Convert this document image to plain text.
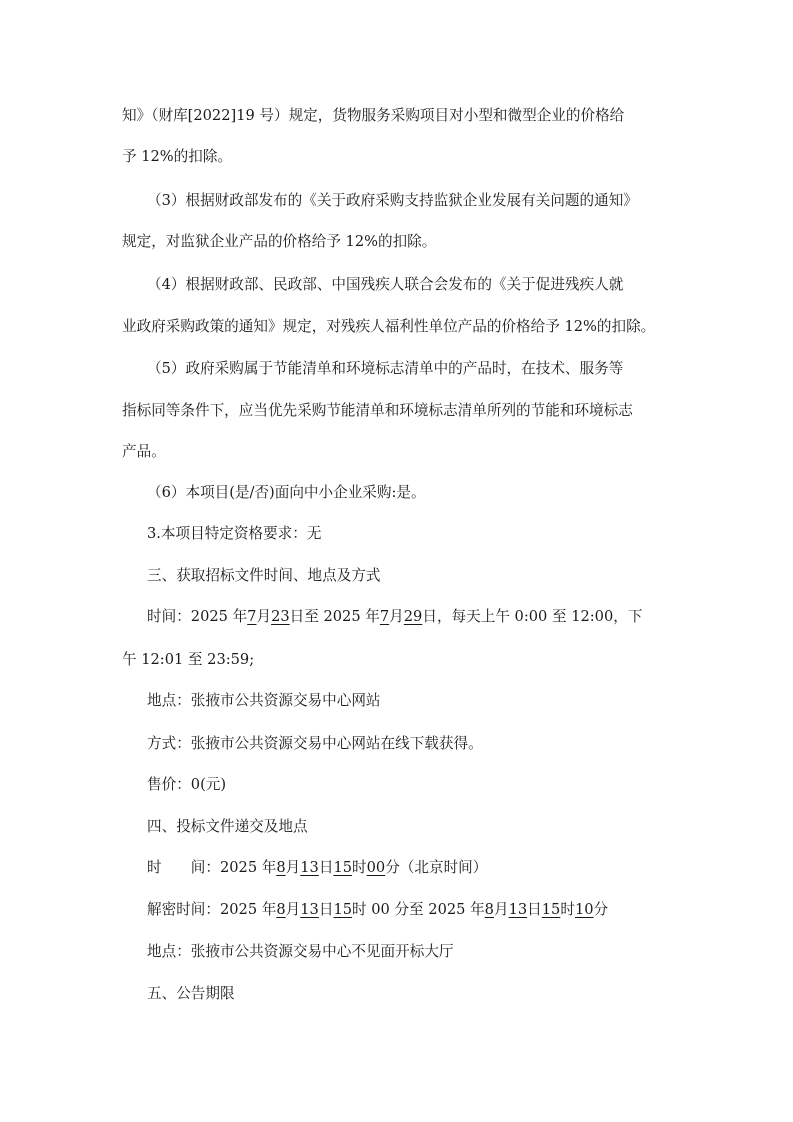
知》（财库[2022]19 号）规定，货物服务采购项目对小型和微型企业的价格给
予 12%的扣除。
（3）根据财政部发布的《关于政府采购支持监狱企业发展有关问题的通知》
规定，对监狱企业产品的价格给予 12%的扣除。
（4）根据财政部、民政部、中国残疾人联合会发布的《关于促进残疾人就
业政府采购政策的通知》规定，对残疾人福利性单位产品的价格给予 12%的扣除。
（5）政府采购属于节能清单和环境标志清单中的产品时，在技术、服务等
指标同等条件下，应当优先采购节能清单和环境标志清单所列的节能和环境标志
产品。
（6）本项目(是/否)面向中小企业采购:是。
3.本项目特定资格要求：无
三、获取招标文件时间、地点及方式
时间：2025 年7月23日至 2025 年7月29日，每天上午 0:00 至 12:00，下
午 12:01 至 23:59;
地点：张掖市公共资源交易中心网站
方式：张掖市公共资源交易中心网站在线下载获得。
售价：0(元)
四、投标文件递交及地点
时　　间：2025 年8月13日15时00分（北京时间）
解密时间：2025 年8月13日15时 00 分至 2025 年8月13日15时10分
地点：张掖市公共资源交易中心不见面开标大厅
五、公告期限
